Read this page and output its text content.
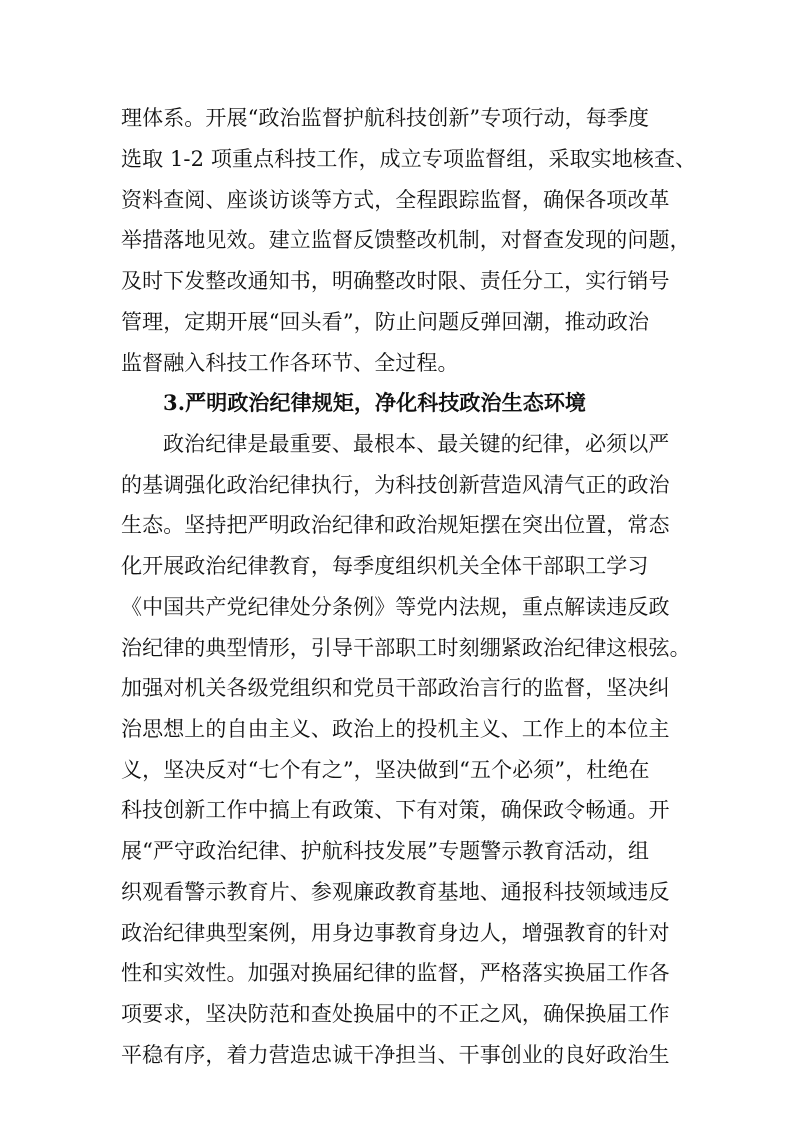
理体系。开展“政治监督护航科技创新”专项行动，每季度
选取 1-2 项重点科技工作，成立专项监督组，采取实地核查、
资料查阅、座谈访谈等方式，全程跟踪监督，确保各项改革
举措落地见效。建立监督反馈整改机制，对督查发现的问题，
及时下发整改通知书，明确整改时限、责任分工，实行销号
管理，定期开展“回头看”，防止问题反弹回潮，推动政治
监督融入科技工作各环节、全过程。
3.严明政治纪律规矩，净化科技政治生态环境
政治纪律是最重要、最根本、最关键的纪律，必须以严
的基调强化政治纪律执行，为科技创新营造风清气正的政治
生态。坚持把严明政治纪律和政治规矩摆在突出位置，常态
化开展政治纪律教育，每季度组织机关全体干部职工学习
《中国共产党纪律处分条例》等党内法规，重点解读违反政
治纪律的典型情形，引导干部职工时刻绷紧政治纪律这根弦。
加强对机关各级党组织和党员干部政治言行的监督，坚决纠
治思想上的自由主义、政治上的投机主义、工作上的本位主
义，坚决反对“七个有之”，坚决做到“五个必须”，杜绝在
科技创新工作中搞上有政策、下有对策，确保政令畅通。开
展“严守政治纪律、护航科技发展”专题警示教育活动，组
织观看警示教育片、参观廉政教育基地、通报科技领域违反
政治纪律典型案例，用身边事教育身边人，增强教育的针对
性和实效性。加强对换届纪律的监督，严格落实换届工作各
项要求，坚决防范和查处换届中的不正之风，确保换届工作
平稳有序，着力营造忠诚干净担当、干事创业的良好政治生
